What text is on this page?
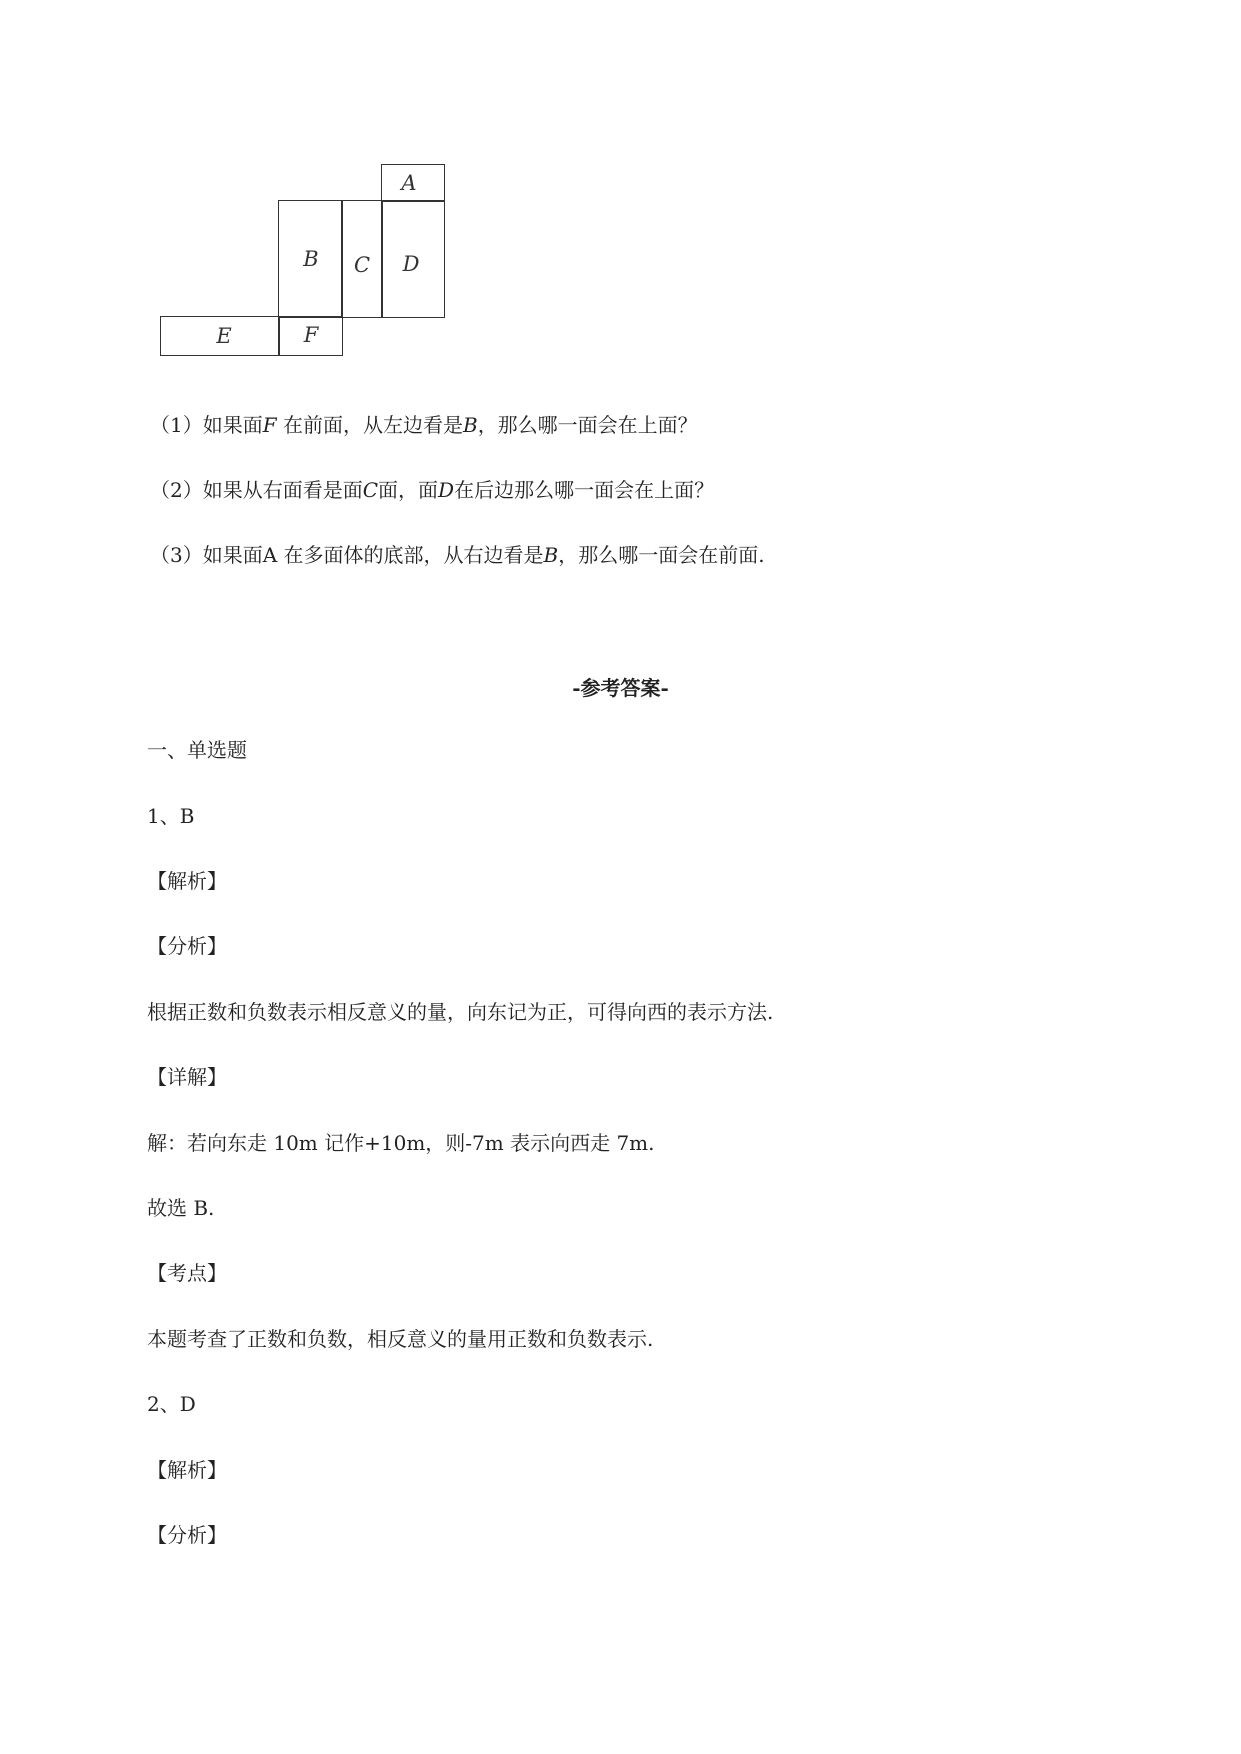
A
B C D
E	F
（1）如果面F 在前面，从左边看是B，那么哪一面会在上面？
（2）如果从右面看是面C面，面D在后边那么哪一面会在上面？
（3）如果面A 在多面体的底部，从右边看是B，那么哪一面会在前面.
-参考答案-
一、单选题
1、B
【解析】
【分析】
根据正数和负数表示相反意义的量，向东记为正，可得向西的表示方法.
【详解】
解：若向东走 10m 记作+10m，则-7m 表示向西走 7m.
故选 B.
【考点】
本题考查了正数和负数，相反意义的量用正数和负数表示.
2、D
【解析】
【分析】
